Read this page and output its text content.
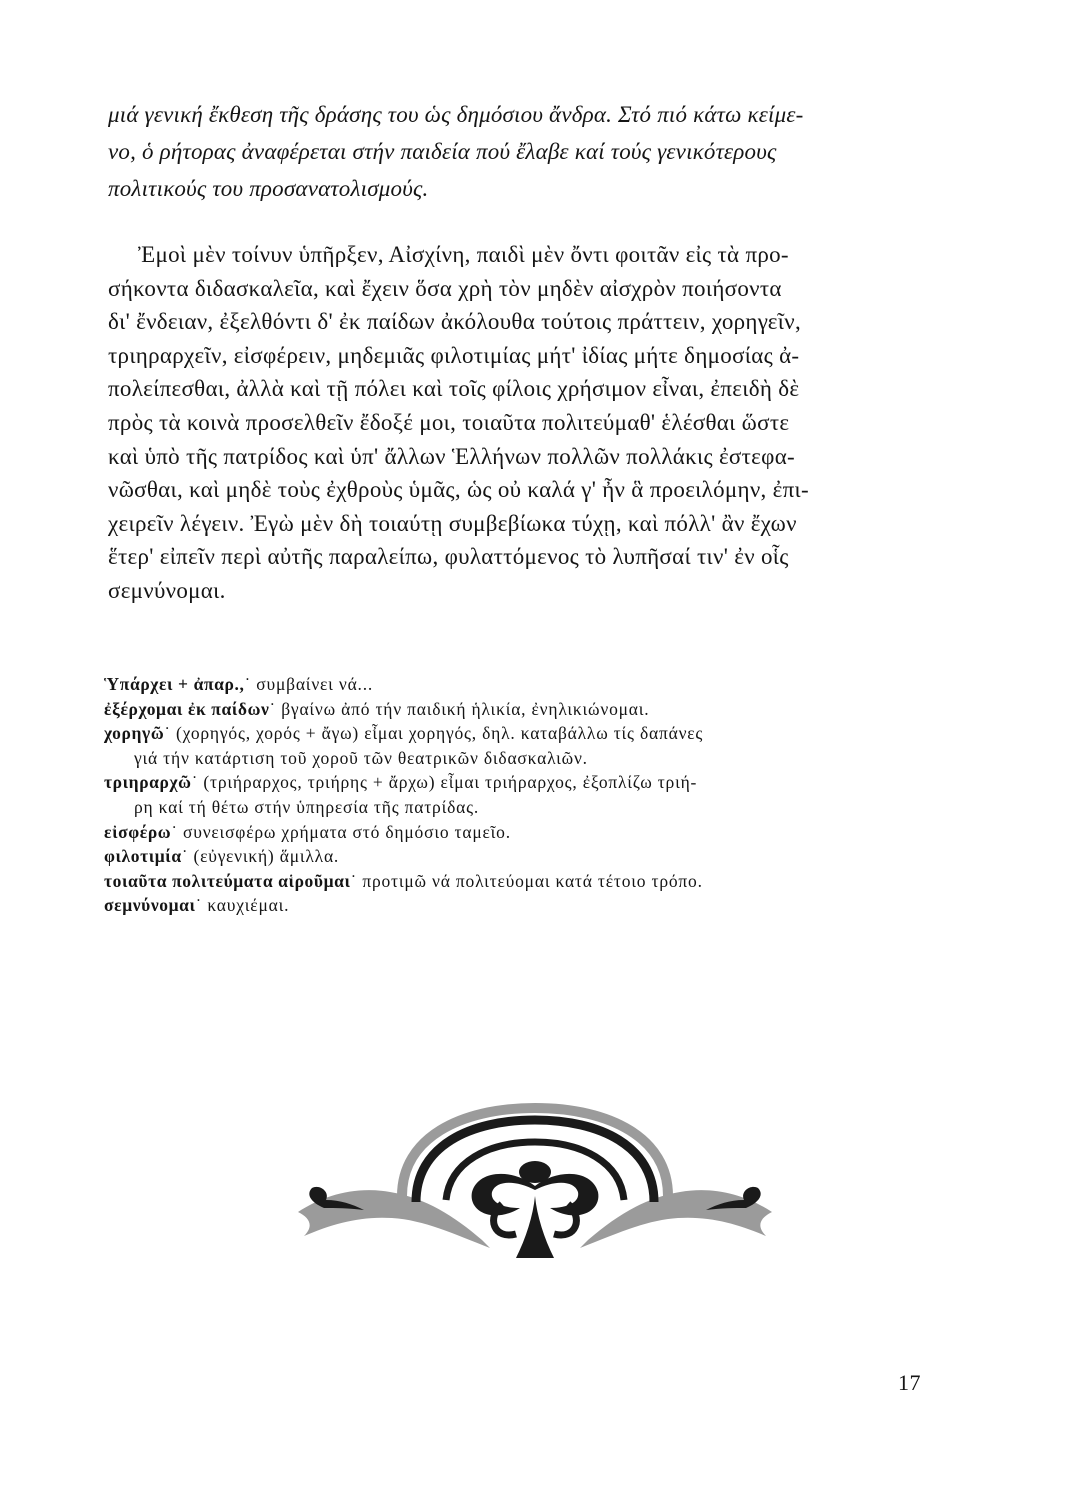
μιά γενική ἔκθεση τῆς δράσης του ὡς δημόσιου ἄνδρα. Στό πιό κάτω κείμε-
νο, ὁ ρήτορας ἀναφέρεται στήν παιδεία πού ἔλαβε καί τούς γενικότερους
πολιτικούς του προσανατολισμούς.

Ἐμοὶ μὲν τοίνυν ὑπῆρξεν, Αἰσχίνη, παιδὶ μὲν ὄντι φοιτᾶν εἰς τὰ προ-
σήκοντα διδασκαλεῖα, καὶ ἔχειν ὅσα χρὴ τὸν μηδὲν αἰσχρὸν ποιήσοντα
δι' ἔνδειαν, ἐξελθόντι δ' ἐκ παίδων ἀκόλουθα τούτοις πράττειν, χορηγεῖν,
τριηραρχεῖν, εἰσφέρειν, μηδεμιᾶς φιλοτιμίας μήτ' ἰδίας μήτε δημοσίας ἀ-
πολείπεσθαι, ἀλλὰ καὶ τῇ πόλει καὶ τοῖς φίλοις χρήσιμον εἶναι, ἐπειδὴ δὲ
πρὸς τὰ κοινὰ προσελθεῖν ἔδοξέ μοι, τοιαῦτα πολιτεύμαθ' ἑλέσθαι ὥστε
καὶ ὑπὸ τῆς πατρίδος καὶ ὑπ' ἄλλων Ἑλλήνων πολλῶν πολλάκις ἐστεφα-
νῶσθαι, καὶ μηδὲ τοὺς ἐχθροὺς ὑμᾶς, ὡς οὐ καλά γ' ἦν ἃ προειλόμην, ἐπι-
χειρεῖν λέγειν. Ἐγὼ μὲν δὴ τοιαύτῃ συμβεβίωκα τύχῃ, καὶ πόλλ' ἂν ἔχων
ἕτερ' εἰπεῖν περὶ αὐτῆς παραλείπω, φυλαττόμενος τὸ λυπῆσαί τιν' ἐν οἷς
σεμνύνομαι.
Ὑπάρχει + ἀπαρ.,˙ συμβαίνει νά...
ἐξέρχομαι ἐκ παίδων˙ βγαίνω ἀπό τήν παιδική ἡλικία, ἐνηλικιώνομαι.
χορηγῶ˙ (χορηγός, χορός + ἄγω) εἶμαι χορηγός, δηλ. καταβάλλω τίς δαπάνες
γιά τήν κατάρτιση τοῦ χοροῦ τῶν θεατρικῶν διδασκαλιῶν.
τριηραρχῶ˙ (τριήραρχος, τριήρης + ἄρχω) εἶμαι τριήραρχος, ἐξοπλίζω τριή-
ρη καί τή θέτω στήν ὑπηρεσία τῆς πατρίδας.
εἰσφέρω˙ συνεισφέρω χρήματα στό δημόσιο ταμεῖο.
φιλοτιμία˙ (εὐγενική) ἅμιλλα.
τοιαῦτα πολιτεύματα αἱροῦμαι˙ προτιμῶ νά πολιτεύομαι κατά τέτοιο τρόπο.
σεμνύνομαι˙ καυχιέμαι.
17
